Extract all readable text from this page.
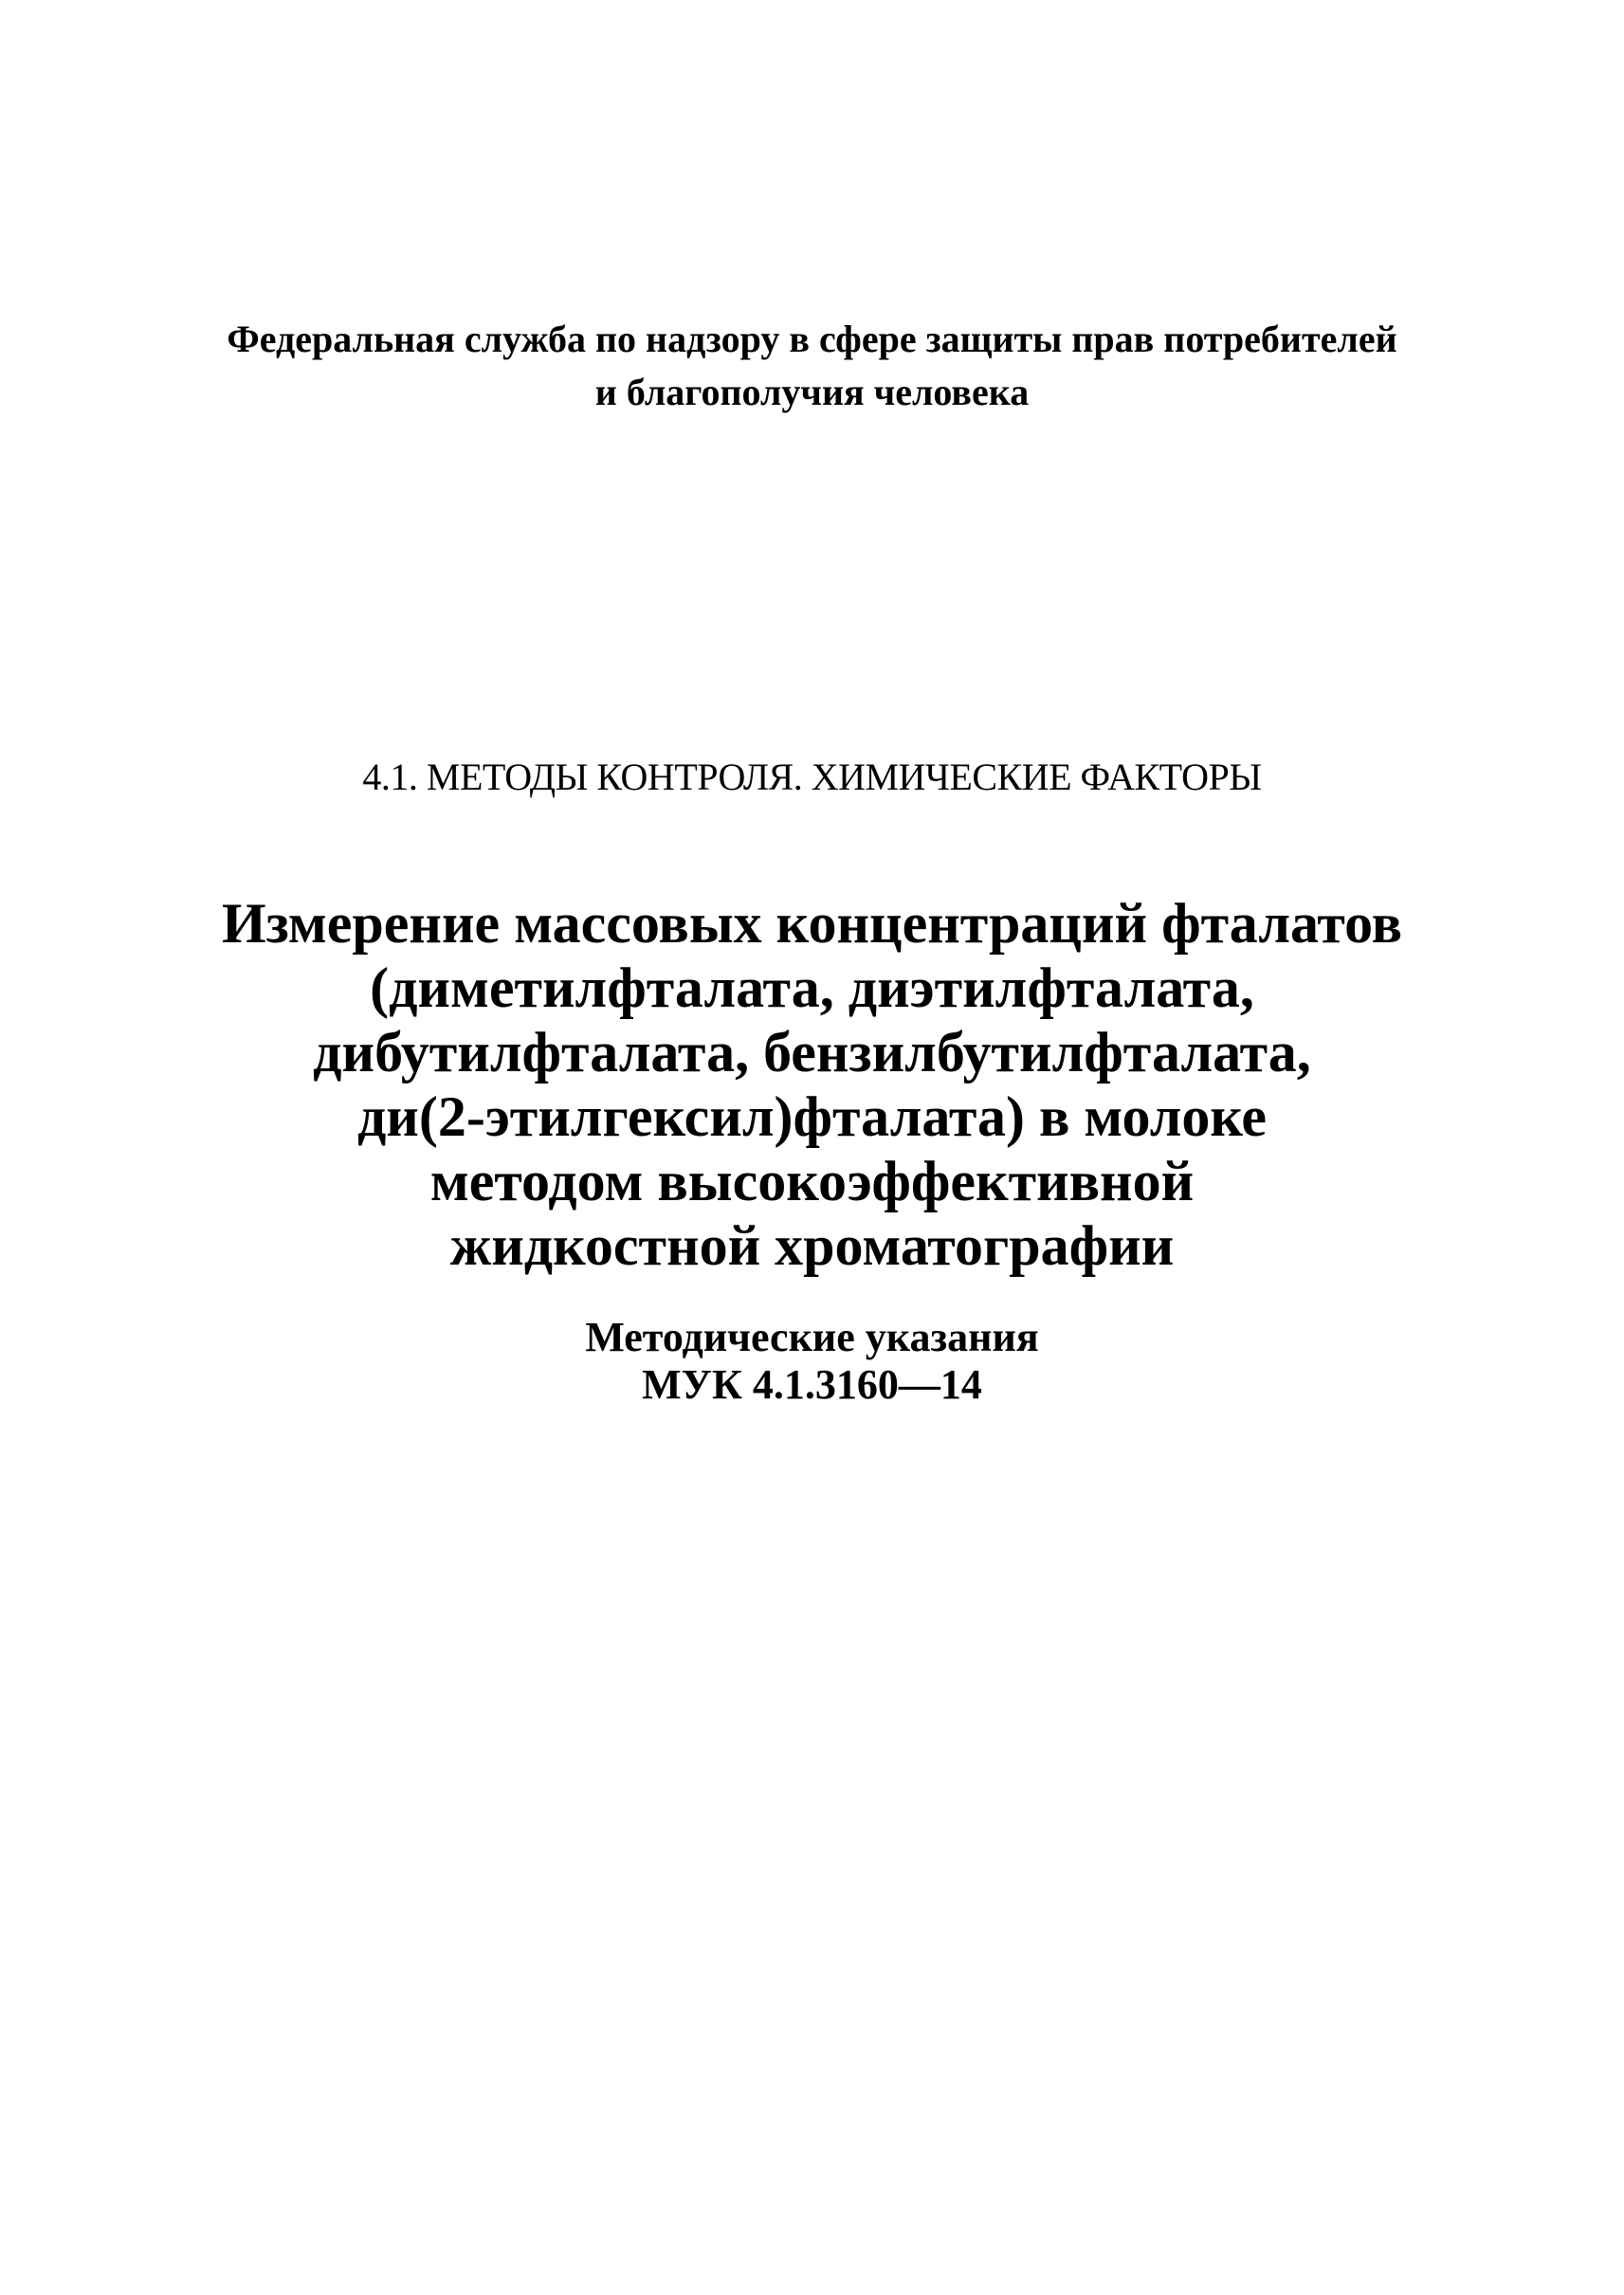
Федеральная служба по надзору в сфере защиты прав потребителей
и благополучия человека
4.1. МЕТОДЫ КОНТРОЛЯ. ХИМИЧЕСКИЕ ФАКТОРЫ
Измерение массовых концентраций фталатов
(диметилфталата, диэтилфталата,
дибутилфталата, бензилбутилфталата,
ди(2-этилгексил)фталата) в молоке
методом высокоэффективной
жидкостной хроматографии
Методические указания
МУК 4.1.3160—14
